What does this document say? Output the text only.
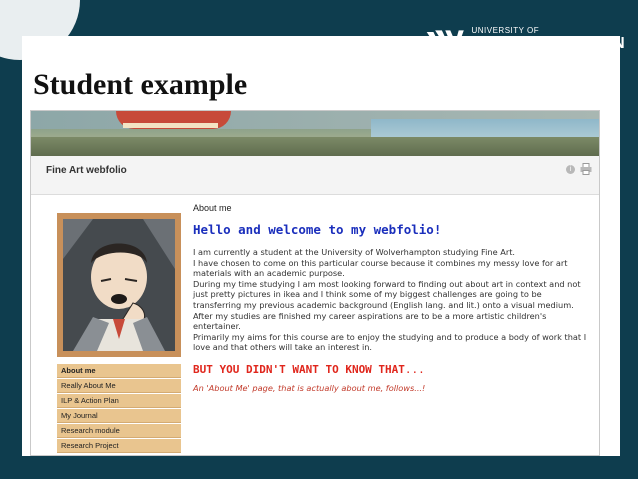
UNIVERSITY OF
WOLVERHAMPTON
KNOWLEDGE • INNOVATION • ENTERPRISE
Student example
Fine Art webfolio	i
About me
Really About Me
ILP & Action Plan
My Journal
Research module
Research Project
About me
Hello and welcome to my webfolio!
I am currently a student at the University of Wolverhampton studying Fine Art.
I have chosen to come on this particular course because it combines my messy love for art materials with an academic purpose.
During my time studying I am most looking forward to finding out about art in context and not just pretty pictures in ikea and I think some of my biggest challenges are going to be transferring my previous academic background (English lang. and lit.) onto a visual medium.
After my studies are finished my career aspirations are to be a more artistic children's entertainer.
Primarily my aims for this course are to enjoy the studying and to produce a body of work that I love and that others will take an interest in.
BUT YOU DIDN'T WANT TO KNOW THAT...
An 'About Me' page, that is actually about me, follows...!
